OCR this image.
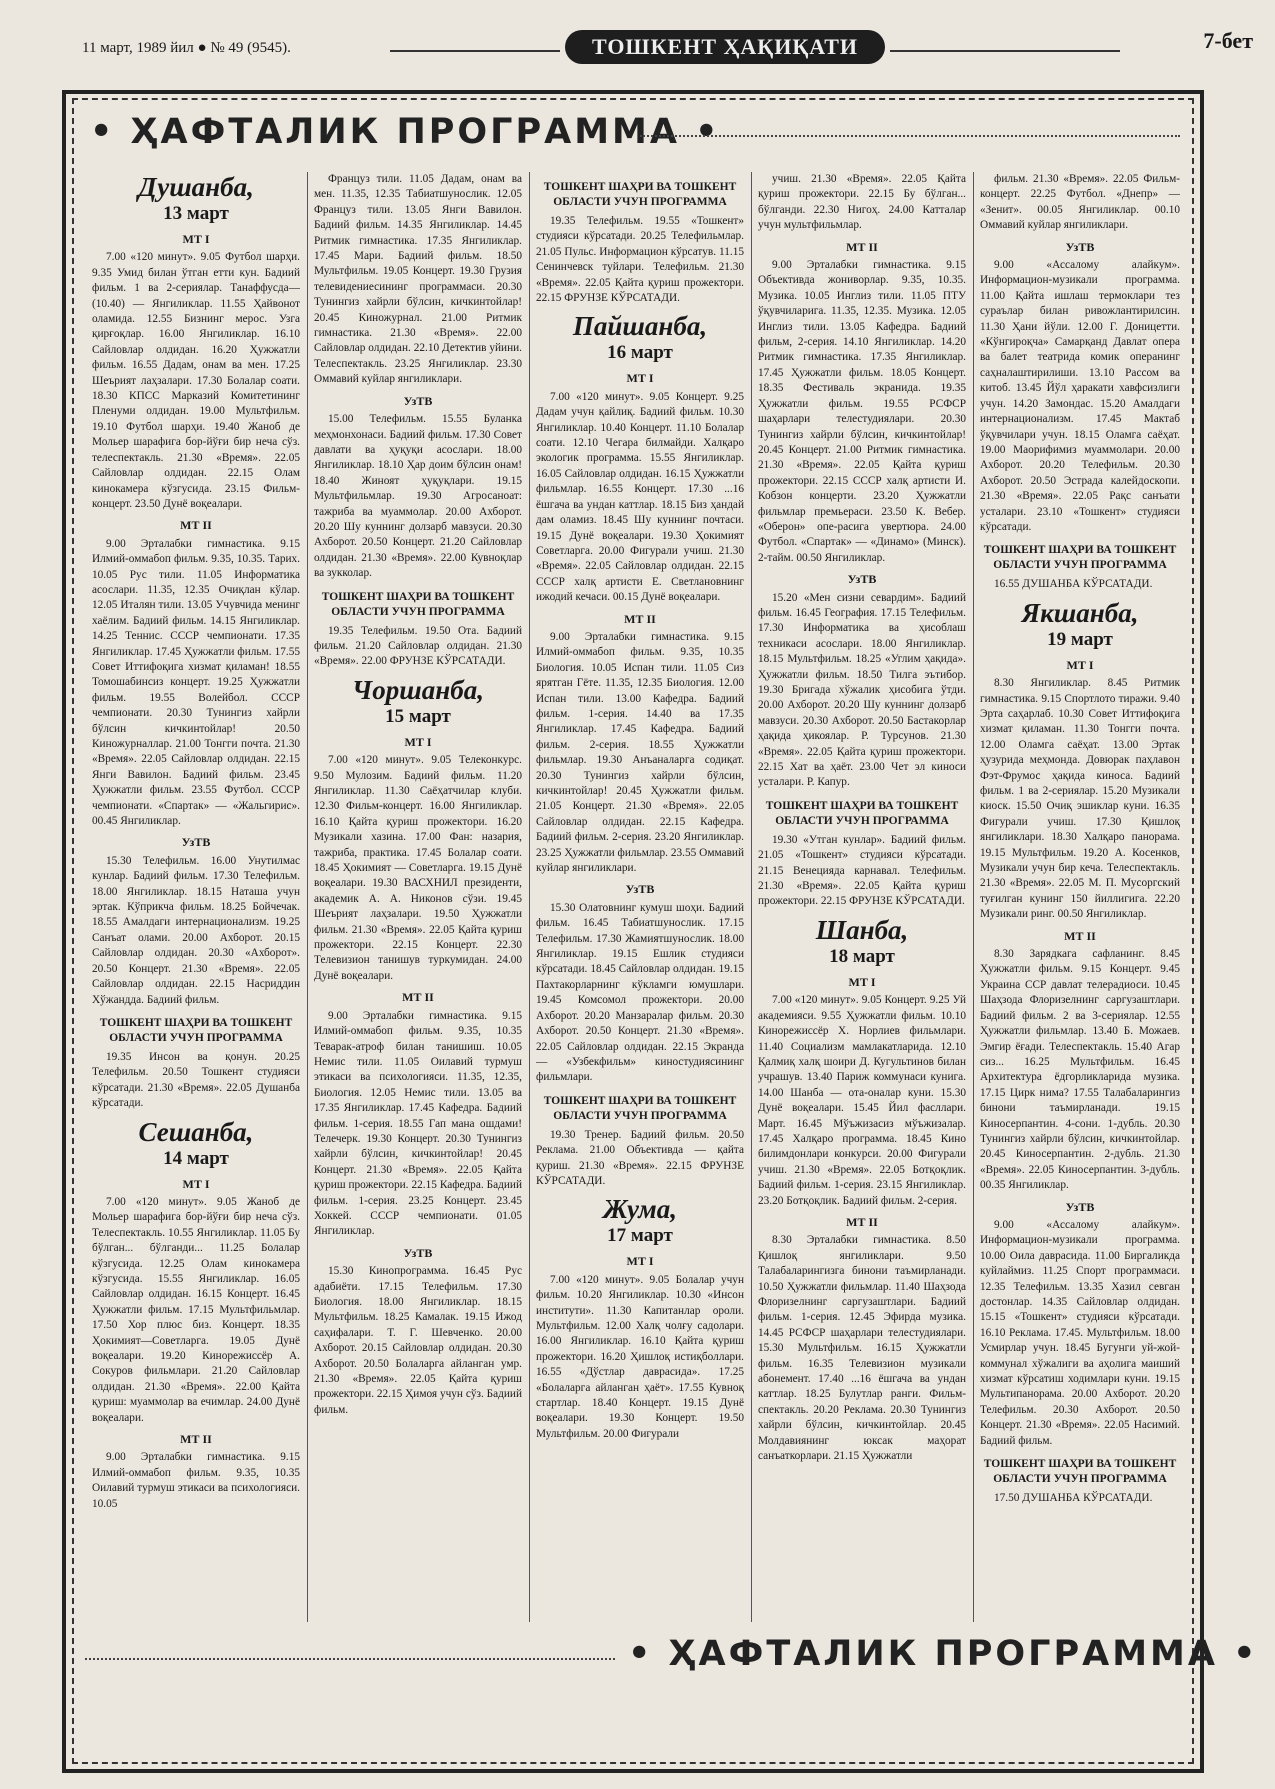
11 март, 1989 йил ● № 49 (9545).	ТОШКЕНТ ҲАҚИҚАТИ	7-бет
• ҲАФТАЛИК ПРОГРАММА •
Душанба,
13 март
МТ I

7.00 «120 минут». 9.05 Футбол шарҳи. 9.35 Умид билан ўтган етти кун. Бадиий фильм. 1 ва 2-сериялар. Танаффусда—(10.40) — Янгиликлар. 11.55 Ҳайвонот оламида. 12.55 Бизнинг мерос. Узга қирғоқлар. 16.00 Янгиликлар. 16.10 Сайловлар олдидан. 16.20 Ҳужжатли фильм. 16.55 Дадам, онам ва мен. 17.25 Шеърият лаҳзалари. 17.30 Болалар соати. 18.30 КПСС Марказий Комитетининг Пленуми олдидан. 19.00 Мультфильм. 19.10 Футбол шарҳи. 19.40 Жаноб де Мольер шарафига бор-йўғи бир неча сўз. телеспектакль. 21.30 «Время». 22.05 Сайловлар олдидан. 22.15 Олам кинокамера кўзгусида. 23.15 Фильм-концерт. 23.50 Дунё воқеалари.

МТ II

9.00 Эрталабки гимнастика. 9.15 Илмий-оммабоп фильм. 9.35, 10.35. Тарих. 10.05 Рус тили. 11.05 Информатика асослари. 11.35, 12.35 Очиқлан кўлар. 12.05 Италян тили. 13.05 Учувчида менинг хаёлим. Бадиий фильм. 14.15 Янгиликлар. 14.25 Теннис. СССР чемпионати. 17.35 Янгиликлар. 17.45 Ҳужжатли фильм. 17.55 Совет Иттифоқига хизмат қиламан! 18.55 Томошабинсиз концерт. 19.25 Ҳужжатли фильм. 19.55 Волейбол. СССР чемпионати. 20.30 Тунингиз хайрли бўлсин кичкинтойлар! 20.50 Киножурналлар. 21.00 Тонгги почта. 21.30 «Время». 22.05 Сайловлар олдидан. 22.15 Янги Вавилон. Бадиий фильм. 23.45 Ҳужжатли фильм. 23.55 Футбол. СССР чемпионати. «Спартак» — «Жальгирис». 00.45 Янгиликлар.

УзТВ

15.30 Телефильм. 16.00 Унутилмас кунлар. Бадиий фильм. 17.30 Телефильм. 18.00 Янгиликлар. 18.15 Наташа учун эртак. Кўприкча фильм. 18.25 Бойчечак. 18.55 Амалдаги интернационализм. 19.25 Санъат олами. 20.00 Ахборот. 20.15 Сайловлар олдидан. 20.30 «Ахборот». 20.50 Концерт. 21.30 «Время». 22.05 Сайловлар олдидан. 22.15 Насриддин Хўжандда. Бадиий фильм.

ТОШКЕНТ ШАҲРИ ВА ТОШКЕНТ ОБЛАСТИ УЧУН ПРОГРАММА

19.35 Инсон ва қонун. 20.25 Телефильм. 20.50 Тошкент студияси кўрсатади. 21.30 «Время». 22.05 Душанба кўрсатади.

Сешанба,
14 март
МТ I

7.00 «120 минут». 9.05 Жаноб де Мольер шарафига бор-йўғи бир нечa сўз. Телеспектакль. 10.55 Янгиликлар. 11.05 Бу бўлган... бўлганди... 11.25 Болалар кўзгусида. 12.25 Олам кинокамера кўзгусида. 15.55 Янгиликлар. 16.05 Сайловлар олдидан. 16.15 Концерт. 16.45 Ҳужжатли фильм. 17.15 Мультфильмлар. 17.50 Хор плюс биз. Концерт. 18.35 Ҳокимият—Советларга. 19.05 Дунё воқеалари. 19.20 Кинорежиссёр А. Сокуров фильмлари. 21.20 Сайловлар олдидан. 21.30 «Время». 22.00 Қайта қуриш: муаммолар ва ечимлар. 24.00 Дунё воқеалари.

МТ II

9.00 Эрталабки гимнастика. 9.15 Илмий-оммабоп фильм. 9.35, 10.35 Оилавий турмуш этикаси ва психологияси. 10.05

Француз тили. 11.05 Дадам, онам ва мен. 11.35, 12.35 Табиатшунослик. 12.05 Француз тили. 13.05 Янги Вавилон. Бадиий фильм. 14.35 Янгиликлар. 14.45 Ритмик гимнастика. 17.35 Янгиликлар. 17.45 Мари. Бадиий фильм. 18.50 Мультфильм. 19.05 Концерт. 19.30 Грузия телевидениесининг программаси. 20.30 Тунингиз хайрли бўлсин, кичкинтойлар! 20.45 Киножурнал. 21.00 Ритмик гимнастика. 21.30 «Время». 22.00 Сайловлар олдидан. 22.10 Детектив уйини. Телеспектакль. 23.25 Янгиликлар. 23.30 Оммавий куйлар янгиликлари.

УзТВ

15.00 Телефильм. 15.55 Буланка меҳмонхонаси. Бадиий фильм. 17.30 Совет давлати ва ҳуқуқи асослари. 18.00 Янгиликлар. 18.10 Ҳар доим бўлсин онам! 18.40 Жиноят ҳуқуқлари. 19.15 Мультфильмлар. 19.30 Агросаноат: тажриба ва муаммолар. 20.00 Ахборот. 20.20 Шу куннинг долзарб мавзуси. 20.30 Ахборот. 20.50 Концерт. 21.20 Сайловлар олдидан. 21.30 «Время». 22.00 Кувноқлар ва зукколар.

ТОШКЕНТ ШАҲРИ ВА ТОШКЕНТ ОБЛАСТИ УЧУН ПРОГРАММА

19.35 Телефильм. 19.50 Ота. Бадиий фильм. 21.20 Сайловлар олдидан. 21.30 «Время». 22.00 ФРУНЗЕ КЎРСАТАДИ.

Чоршанба,
15 март
МТ I

7.00 «120 минут». 9.05 Телеконкурс. 9.50 Мулозим. Бадиий фильм. 11.20 Янгиликлар. 11.30 Саёҳатчилар клуби. 12.30 Фильм-концерт. 16.00 Янгиликлар. 16.10 Қайта қуриш прожектори. 16.20 Музикали хазина. 17.00 Фан: назария, тажриба, практика. 17.45 Болалар соати. 18.45 Ҳокимият — Советларга. 19.15 Дунё воқеалари. 19.30 ВАСХНИЛ президенти, академик А. А. Никонов сўзи. 19.45 Шеърият лаҳзалари. 19.50 Ҳужжатли фильм. 21.30 «Время». 22.05 Қайта қуриш прожектори. 22.15 Концерт. 22.30 Телевизион танишув туркумидан. 24.00 Дунё воқеалари.

МТ II

9.00 Эрталабки гимнастика. 9.15 Илмий-оммабоп фильм. 9.35, 10.35 Теварак-атроф билан танишиш. 10.05 Немис тили. 11.05 Оилавий турмуш этикаси ва психологияси. 11.35, 12.35, Биология. 12.05 Немис тили. 13.05 ва 17.35 Янгиликлар. 17.45 Кафедра. Бадиий фильм. 1-серия. 18.55 Гап мана ошдами! Телечерк. 19.30 Концерт. 20.30 Тунингиз хайрли бўлсин, кичкинтойлар! 20.45 Концерт. 21.30 «Время». 22.05 Қайта қуриш прожектори. 22.15 Кафедра. Бадиий фильм. 1-серия. 23.25 Концерт. 23.45 Хоккей. СССР чемпионати. 01.05 Янгиликлар.

УзТВ

15.30 Кинопрограмма. 16.45 Рус адабиёти. 17.15 Телефильм. 17.30 Биология. 18.00 Янгиликлар. 18.15 Мультфильм. 18.25 Камалак. 19.15 Ижод саҳифалари. Т. Г. Шевченко. 20.00 Ахборот. 20.15 Сайловлар олдидан. 20.30 Ахборот. 20.50 Болаларга айланган умр. 21.30 «Время». 22.05 Қайта қуриш прожектори. 22.15 Ҳимоя учун сўз. Бадиий фильм.

ТОШКЕНТ ШАҲРИ ВА ТОШКЕНТ ОБЛАСТИ УЧУН ПРОГРАММА

19.35 Телефильм. 19.55 «Тошкент» студияси кўрсатади. 20.25 Телефильмлар. 21.05 Пульс. Информацион кўрсатув. 11.15 Сенинчевск туйлари. Телефильм. 21.30 «Время». 22.05 Қайта қуриш прожектори. 22.15 ФРУНЗЕ КЎРСАТАДИ.

Пайшанба,
16 март
МТ I

7.00 «120 минут». 9.05 Концерт. 9.25 Дадам учун қайлиқ. Бадиий фильм. 10.30 Янгиликлар. 10.40 Концерт. 11.10 Болалар соати. 12.10 Чегара билмайди. Халқаро экологик программа. 15.55 Янгиликлар. 16.05 Сайловлар олдидан. 16.15 Ҳужжатли фильмлар. 16.55 Концерт. 17.30 ...16 ёшгача ва ундан каттлар. 18.15 Биз ҳандай дам оламиз. 18.45 Шу куннинг почтаси. 19.15 Дунё воқеалари. 19.30 Ҳокимият Советларга. 20.00 Фигурали учиш. 21.30 «Время». 22.05 Сайловлар олдидан. 22.15 СССР халқ артисти Е. Светлановнинг ижодий кечаси. 00.15 Дунё воқеалари.

МТ II

9.00 Эрталабки гимнастика. 9.15 Илмий-оммабоп фильм. 9.35, 10.35 Биология. 10.05 Испан тили. 11.05 Сиз ярятган Гёте. 11.35, 12.35 Биология. 12.00 Испан тили. 13.00 Кафедра. Бадиий фильм. 1-серия. 14.40 ва 17.35 Янгиликлар. 17.45 Кафедра. Бадиий фильм. 2-серия. 18.55 Ҳужжатли фильмлар. 19.30 Анъаналарга содиқат. 20.30 Тунингиз хайрли бўлсин, кичкинтойлар! 20.45 Ҳужжатли фильм. 21.05 Концерт. 21.30 «Время». 22.05 Сайловлар олдидан. 22.15 Кафедра. Бадиий фильм. 2-серия. 23.20 Янгиликлар. 23.25 Ҳужжатли фильмлар. 23.55 Оммавий куйлар янгиликлари.

УзТВ

15.30 Олатовнинг кумуш шоҳи. Бадиий фильм. 16.45 Табиатшунослик. 17.15 Телефильм. 17.30 Жамиятшунослик. 18.00 Янгиликлар. 19.15 Ешлик студияси кўрсатади. 18.45 Сайловлар олдидан. 19.15 Пахтакорларнинг кўкламги юмушлари. 19.45 Комсомол прожектори. 20.00 Ахборот. 20.20 Манзаралар фильм. 20.30 Ахборот. 20.50 Концерт. 21.30 «Время». 22.05 Сайловлар олдидан. 22.15 Экранда — «Узбекфильм» киностудиясининг фильмлари.

ТОШКЕНТ ШАҲРИ ВА ТОШКЕНТ ОБЛАСТИ УЧУН ПРОГРАММА

19.30 Тренер. Бадиий фильм. 20.50 Реклама. 21.00 Объективда — қайта қуриш. 21.30 «Время». 22.15 ФРУНЗЕ КЎРСАТАДИ.

Жума,
17 март
МТ I

7.00 «120 минут». 9.05 Болалар учун фильм. 10.20 Янгиликлар. 10.30 «Инсон институти». 11.30 Капитанлар ороли. Мультфильм. 12.00 Халқ чолғу садолари. 16.00 Янгиликлар. 16.10 Қайта қуриш прожектори. 16.20 Ҳишлоқ истиқболлари. 16.55 «Дўстлар даврасида». 17.25 «Болаларга айланган ҳаёт». 17.55 Кувноқ стартлар. 18.40 Концерт. 19.15 Дунё воқеалари. 19.30 Концерт. 19.50 Мультфильм. 20.00 Фигурали

учиш. 21.30 «Время». 22.05 Қайта қуриш прожектори. 22.15 Бу бўлган... бўлганди. 22.30 Нигоҳ. 24.00 Катталар учун мультфильмлар.

МТ II

9.00 Эрталабки гимнастика. 9.15 Объективда жониворлар. 9.35, 10.35. Музика. 10.05 Инглиз тили. 11.05 ПТУ ўқувчиларига. 11.35, 12.35. Музика. 12.05 Инглиз тили. 13.05 Кафедра. Бадиий фильм, 2-серия. 14.10 Янгиликлар. 14.20 Ритмик гимнастика. 17.35 Янгиликлар. 17.45 Ҳужжатли фильм. 18.05 Концерт. 18.35 Фестиваль экранида. 19.35 Ҳужжатли фильм. 19.55 РСФСР шаҳарлари телестудиялари. 20.30 Тунингиз хайрли бўлсин, кичкинтойлар! 20.45 Концерт. 21.00 Ритмик гимнастика. 21.30 «Время». 22.05 Қайта қуриш прожектори. 22.15 СССР халқ артисти И. Кобзон концерти. 23.20 Ҳужжатли фильмлар премьераси. 23.50 К. Вебер. «Оберон» опе-расига увертюра. 24.00 Футбол. «Спартак» — «Динамо» (Минск). 2-тайм. 00.50 Янгиликлар.

УзТВ

15.20 «Мен сизни севардим». Бадиий фильм. 16.45 География. 17.15 Телефильм. 17.30 Информатика ва ҳисоблаш техникаси асослари. 18.00 Янгиликлар. 18.15 Мультфильм. 18.25 «Углим ҳақида». Ҳужжатли фильм. 18.50 Тилга эътибор. 19.30 Бригада хўжалик ҳисобига ўтди. 20.00 Ахборот. 20.20 Шу куннинг долзарб мавзуси. 20.30 Ахборот. 20.50 Бастакорлар ҳақида ҳикоялар. Р. Турсунов. 21.30 «Время». 22.05 Қайта қуриш прожектори. 22.15 Хат ва ҳаёт. 23.00 Чет эл киноси усталари. Р. Капур.

ТОШКЕНТ ШАҲРИ ВА ТОШКЕНТ ОБЛАСТИ УЧУН ПРОГРАММА

19.30 «Утган кунлар». Бадиий фильм. 21.05 «Тошкент» студияси кўрсатади. 21.15 Венецияда карнавал. Телефильм. 21.30 «Время». 22.05 Қайта қуриш прожектори. 22.15 ФРУНЗЕ КЎРСАТАДИ.

Шанба,
18 март
МТ I

7.00 «120 минут». 9.05 Концерт. 9.25 Уй академияси. 9.55 Ҳужжатли фильм. 10.10 Кинорежиссёр Х. Норлиев фильмлари. 11.40 Социализм мамлакатларида. 12.10 Қалмиқ халқ шоири Д. Кугультинов билан учрашув. 13.40 Париж коммунаси кунига. 14.00 Шанба — ота-оналар куни. 15.30 Дунё воқеалари. 15.45 Йил фасллари. Март. 16.45 Мўъжизасиз мўъжизалар. 17.45 Халқаро программа. 18.45 Кино билимдонлари конкурси. 20.00 Фигурали учиш. 21.30 «Время». 22.05 Ботқоқлик. Бадиий фильм. 1-серия. 23.15 Янгиликлар. 23.20 Ботқоқлик. Бадиий фильм. 2-серия.

МТ II

8.30 Эрталабки гимнастика. 8.50 Қишлоқ янгиликлари. 9.50 Талабаларингизга бинони таъмирланади. 10.50 Ҳужжатли фильмлар. 11.40 Шаҳзода Флоризелнинг саргузаштлари. Бадиий фильм. 1-серия. 12.45 Эфирда музика. 14.45 РСФСР шаҳарлари телестудиялари. 15.30 Мультфильм. 16.15 Ҳужжатли фильм. 16.35 Телевизион музикали абонемент. 17.40 ...16 ёшгача ва ундан каттлар. 18.25 Булутлар ранги. Фильм-спектакль. 20.20 Реклама. 20.30 Тунингиз хайрли бўлсин, кичкинтойлар. 20.45 Молдавиянинг юксак маҳорат санъаткорлари. 21.15 Ҳужжатли

фильм. 21.30 «Время». 22.05 Фильм-концерт. 22.25 Футбол. «Днепр» — «Зенит». 00.05 Янгиликлар. 00.10 Оммавий куйлар янгиликлари.

УзТВ

9.00 «Ассалому алайкум». Информацион-музикали программа. 11.00 Қайта ишлаш термоклари тез сураълар билан ривожлантирилсин. 11.30 Ҳани йўли. 12.00 Г. Доницетти. «Кўнгироқча» Самарқанд Давлат опера ва балет театрида комик операнинг саҳналаштирилиши. 13.10 Рассом ва китоб. 13.45 Йўл ҳаракати хавфсизлиги учун. 14.20 Замондас. 15.20 Амалдаги интернационализм. 17.45 Мактаб ўқувчилари учун. 18.15 Оламга саёҳат. 19.00 Маорифимиз муаммолари. 20.00 Ахборот. 20.20 Телефильм. 20.30 Ахборот. 20.50 Эстрада калейдоскопи. 21.30 «Время». 22.05 Рақс санъати усталари. 23.10 «Тошкент» студияси кўрсатади.

ТОШКЕНТ ШАҲРИ ВА ТОШКЕНТ ОБЛАСТИ УЧУН ПРОГРАММА

16.55 ДУШАНБА КЎРСАТАДИ.

Якшанба,
19 март
МТ I

8.30 Янгиликлар. 8.45 Ритмик гимнастика. 9.15 Спортлото тиражи. 9.40 Эрта саҳарлаб. 10.30 Совет Иттифоқига хизмат қиламан. 11.30 Тонгги почта. 12.00 Оламга саёҳат. 13.00 Эртак ҳузурида меҳмонда. Довюрак паҳлавон Фэт-Фрумос ҳақида киноса. Бадиий фильм. 1 ва 2-сериялар. 15.20 Музикали киоск. 15.50 Очиқ эшиклар куни. 16.35 Фигурали учиш. 17.30 Қишлоқ янгиликлари. 18.30 Халқаро панорама. 19.15 Мультфильм. 19.20 А. Косенков, Музикали учун бир кеча. Телеспектакль. 21.30 «Время». 22.05 М. П. Мусоргский туғилган кунинг 150 йиллигига. 22.20 Музикали ринг. 00.50 Янгиликлар.

МТ II

8.30 Зарядкага сафланинг. 8.45 Ҳужжатли фильм. 9.15 Концерт. 9.45 Украина ССР давлат телерадиоси. 10.45 Шаҳзода Флоризелнинг саргузаштлари. Бадиий фильм. 2 ва 3-сериялар. 12.55 Ҳужжатли фильмлар. 13.40 Б. Можаев. Эмгир ёғади. Телеспектакль. 15.40 Агар сиз... 16.25 Мультфильм. 16.45 Архитектура ёдгорликларида музика. 17.15 Цирк нима? 17.55 Талабаларингиз бинони таъмирланади. 19.15 Киносерпантин. 4-сони. 1-дубль. 20.30 Тунингиз хайрли бўлсин, кичкинтойлар. 20.45 Киносерпантин. 2-дубль. 21.30 «Время». 22.05 Киносерпантин. 3-дубль. 00.35 Янгиликлар.

УзТВ

9.00 «Ассалому алайкум». Информацион-музикали программа. 10.00 Оила даврасида. 11.00 Биргаликда куйлаймиз. 11.25 Спорт программаси. 12.35 Телефильм. 13.35 Хазил севган достонлар. 14.35 Сайловлар олдидан. 15.15 «Тошкент» студияси кўрсатади. 16.10 Реклама. 17.45. Мультфильм. 18.00 Усмирлар учун. 18.45 Бугунги уй-жой-коммунал хўжалиги ва аҳолига маиший хизмат кўрсатиш ходимлари куни. 19.15 Мультипанорама. 20.00 Ахборот. 20.20 Телефильм. 20.30 Ахборот. 20.50 Концерт. 21.30 «Время». 22.05 Насимий. Бадиий фильм.

ТОШКЕНТ ШАҲРИ ВА ТОШКЕНТ ОБЛАСТИ УЧУН ПРОГРАММА

17.50 ДУШАНБА КЎРСАТАДИ.

• ҲАФТАЛИК ПРОГРАММА •
